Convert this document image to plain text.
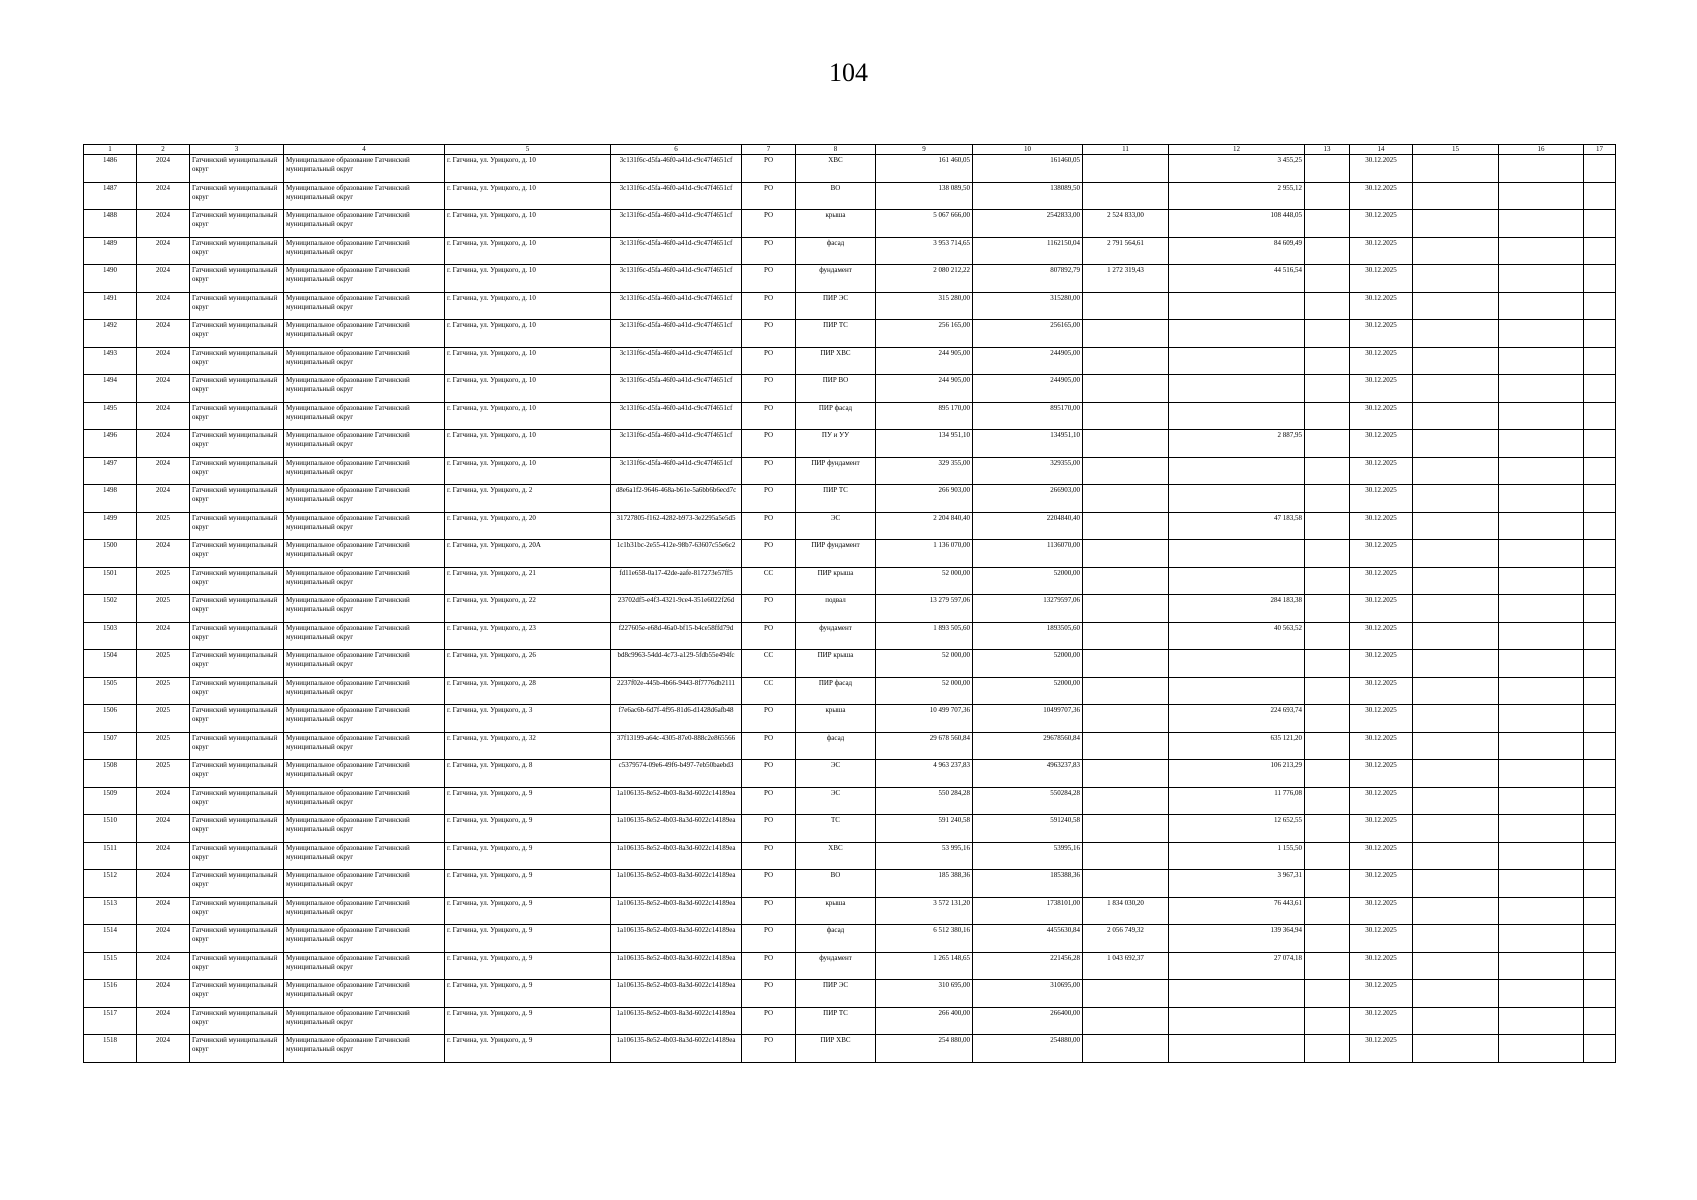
104
1	2	3	4	5	6	7	8	9	10	11	12	13	14	15	16	17
1486	2024	Гатчинский муниципальный округ	Муниципальное образование Гатчинский муниципальный округ	г. Гатчина, ул. Урицкого, д. 10	3c131f6c-d5fa-46f0-a41d-c9c47f4651cf	РО	ХВС	161 460,05	161460,05		3 455,25		30.12.2025			
1487	2024	Гатчинский муниципальный округ	Муниципальное образование Гатчинский муниципальный округ	г. Гатчина, ул. Урицкого, д. 10	3c131f6c-d5fa-46f0-a41d-c9c47f4651cf	РО	ВО	138 089,50	138089,50		2 955,12		30.12.2025			
1488	2024	Гатчинский муниципальный округ	Муниципальное образование Гатчинский муниципальный округ	г. Гатчина, ул. Урицкого, д. 10	3c131f6c-d5fa-46f0-a41d-c9c47f4651cf	РО	крыша	5 067 666,00	2542833,00	2 524 833,00	108 448,05		30.12.2025			
1489	2024	Гатчинский муниципальный округ	Муниципальное образование Гатчинский муниципальный округ	г. Гатчина, ул. Урицкого, д. 10	3c131f6c-d5fa-46f0-a41d-c9c47f4651cf	РО	фасад	3 953 714,65	1162150,04	2 791 564,61	84 609,49		30.12.2025			
1490	2024	Гатчинский муниципальный округ	Муниципальное образование Гатчинский муниципальный округ	г. Гатчина, ул. Урицкого, д. 10	3c131f6c-d5fa-46f0-a41d-c9c47f4651cf	РО	фундамент	2 080 212,22	807892,79	1 272 319,43	44 516,54		30.12.2025			
1491	2024	Гатчинский муниципальный округ	Муниципальное образование Гатчинский муниципальный округ	г. Гатчина, ул. Урицкого, д. 10	3c131f6c-d5fa-46f0-a41d-c9c47f4651cf	РО	ПИР ЭС	315 280,00	315280,00				30.12.2025			
1492	2024	Гатчинский муниципальный округ	Муниципальное образование Гатчинский муниципальный округ	г. Гатчина, ул. Урицкого, д. 10	3c131f6c-d5fa-46f0-a41d-c9c47f4651cf	РО	ПИР ТС	256 165,00	256165,00				30.12.2025			
1493	2024	Гатчинский муниципальный округ	Муниципальное образование Гатчинский муниципальный округ	г. Гатчина, ул. Урицкого, д. 10	3c131f6c-d5fa-46f0-a41d-c9c47f4651cf	РО	ПИР ХВС	244 905,00	244905,00				30.12.2025			
1494	2024	Гатчинский муниципальный округ	Муниципальное образование Гатчинский муниципальный округ	г. Гатчина, ул. Урицкого, д. 10	3c131f6c-d5fa-46f0-a41d-c9c47f4651cf	РО	ПИР ВО	244 905,00	244905,00				30.12.2025			
1495	2024	Гатчинский муниципальный округ	Муниципальное образование Гатчинский муниципальный округ	г. Гатчина, ул. Урицкого, д. 10	3c131f6c-d5fa-46f0-a41d-c9c47f4651cf	РО	ПИР фасад	895 170,00	895170,00				30.12.2025			
1496	2024	Гатчинский муниципальный округ	Муниципальное образование Гатчинский муниципальный округ	г. Гатчина, ул. Урицкого, д. 10	3c131f6c-d5fa-46f0-a41d-c9c47f4651cf	РО	ПУ и УУ	134 951,10	134951,10		2 887,95		30.12.2025			
1497	2024	Гатчинский муниципальный округ	Муниципальное образование Гатчинский муниципальный округ	г. Гатчина, ул. Урицкого, д. 10	3c131f6c-d5fa-46f0-a41d-c9c47f4651cf	РО	ПИР фундамент	329 355,00	329355,00				30.12.2025			
1498	2024	Гатчинский муниципальный округ	Муниципальное образование Гатчинский муниципальный округ	г. Гатчина, ул. Урицкого, д. 2	d8e6a1f2-9646-468a-b61e-5a6bb6b6ecd7c	РО	ПИР ТС	266 903,00	266903,00				30.12.2025			
1499	2025	Гатчинский муниципальный округ	Муниципальное образование Гатчинский муниципальный округ	г. Гатчина, ул. Урицкого, д. 20	31727805-f162-4282-b973-3e2295a5e5d5	РО	ЭС	2 204 840,40	2204840,40		47 183,58		30.12.2025			
1500	2024	Гатчинский муниципальный округ	Муниципальное образование Гатчинский муниципальный округ	г. Гатчина, ул. Урицкого, д. 20А	1c1b31bc-2e55-412e-98b7-63607c55e6c2	РО	ПИР фундамент	1 136 070,00	1136070,00				30.12.2025			
1501	2025	Гатчинский муниципальный округ	Муниципальное образование Гатчинский муниципальный округ	г. Гатчина, ул. Урицкого, д. 21	fd11e658-0a17-42de-aafe-817273e57ff5	СС	ПИР крыша	52 000,00	52000,00				30.12.2025			
1502	2025	Гатчинский муниципальный округ	Муниципальное образование Гатчинский муниципальный округ	г. Гатчина, ул. Урицкого, д. 22	23702df5-e4f3-4321-9ce4-351e6022f26d	РО	подвал	13 279 597,06	13279597,06		284 183,38		30.12.2025			
1503	2024	Гатчинский муниципальный округ	Муниципальное образование Гатчинский муниципальный округ	г. Гатчина, ул. Урицкого, д. 23	f227605e-e68d-46a0-bf15-b4ce58ffd79d	РО	фундамент	1 893 505,60	1893505,60		40 563,52		30.12.2025			
1504	2025	Гатчинский муниципальный округ	Муниципальное образование Гатчинский муниципальный округ	г. Гатчина, ул. Урицкого, д. 26	bd8c9963-54dd-4c73-a129-5fdb55e494fc	СС	ПИР крыша	52 000,00	52000,00				30.12.2025			
1505	2025	Гатчинский муниципальный округ	Муниципальное образование Гатчинский муниципальный округ	г. Гатчина, ул. Урицкого, д. 28	2237f02e-445b-4b66-9443-8f7776db2111	СС	ПИР фасад	52 000,00	52000,00				30.12.2025			
1506	2025	Гатчинский муниципальный округ	Муниципальное образование Гатчинский муниципальный округ	г. Гатчина, ул. Урицкого, д. 3	f7e6ac6b-6d7f-4f95-81d6-d1428d6afb48	РО	крыша	10 499 707,36	10499707,36		224 693,74		30.12.2025			
1507	2025	Гатчинский муниципальный округ	Муниципальное образование Гатчинский муниципальный округ	г. Гатчина, ул. Урицкого, д. 32	37f13199-a64c-4305-87e0-888c2e865566	РО	фасад	29 678 560,84	29678560,84		635 121,20		30.12.2025			
1508	2025	Гатчинский муниципальный округ	Муниципальное образование Гатчинский муниципальный округ	г. Гатчина, ул. Урицкого, д. 8	c5379574-09e6-49f6-b497-7eb50baebd3	РО	ЭС	4 963 237,83	4963237,83		106 213,29		30.12.2025			
1509	2024	Гатчинский муниципальный округ	Муниципальное образование Гатчинский муниципальный округ	г. Гатчина, ул. Урицкого, д. 9	1a106135-8e52-4b03-8a3d-6022c14189ea	РО	ЭС	550 284,28	550284,28		11 776,08		30.12.2025			
1510	2024	Гатчинский муниципальный округ	Муниципальное образование Гатчинский муниципальный округ	г. Гатчина, ул. Урицкого, д. 9	1a106135-8e52-4b03-8a3d-6022c14189ea	РО	ТС	591 240,58	591240,58		12 652,55		30.12.2025			
1511	2024	Гатчинский муниципальный округ	Муниципальное образование Гатчинский муниципальный округ	г. Гатчина, ул. Урицкого, д. 9	1a106135-8e52-4b03-8a3d-6022c14189ea	РО	ХВС	53 995,16	53995,16		1 155,50		30.12.2025			
1512	2024	Гатчинский муниципальный округ	Муниципальное образование Гатчинский муниципальный округ	г. Гатчина, ул. Урицкого, д. 9	1a106135-8e52-4b03-8a3d-6022c14189ea	РО	ВО	185 388,36	185388,36		3 967,31		30.12.2025			
1513	2024	Гатчинский муниципальный округ	Муниципальное образование Гатчинский муниципальный округ	г. Гатчина, ул. Урицкого, д. 9	1a106135-8e52-4b03-8a3d-6022c14189ea	РО	крыша	3 572 131,20	1738101,00	1 834 030,20	76 443,61		30.12.2025			
1514	2024	Гатчинский муниципальный округ	Муниципальное образование Гатчинский муниципальный округ	г. Гатчина, ул. Урицкого, д. 9	1a106135-8e52-4b03-8a3d-6022c14189ea	РО	фасад	6 512 380,16	4455630,84	2 056 749,32	139 364,94		30.12.2025			
1515	2024	Гатчинский муниципальный округ	Муниципальное образование Гатчинский муниципальный округ	г. Гатчина, ул. Урицкого, д. 9	1a106135-8e52-4b03-8a3d-6022c14189ea	РО	фундамент	1 265 148,65	221456,28	1 043 692,37	27 074,18		30.12.2025			
1516	2024	Гатчинский муниципальный округ	Муниципальное образование Гатчинский муниципальный округ	г. Гатчина, ул. Урицкого, д. 9	1a106135-8e52-4b03-8a3d-6022c14189ea	РО	ПИР ЭС	310 695,00	310695,00				30.12.2025			
1517	2024	Гатчинский муниципальный округ	Муниципальное образование Гатчинский муниципальный округ	г. Гатчина, ул. Урицкого, д. 9	1a106135-8e52-4b03-8a3d-6022c14189ea	РО	ПИР ТС	266 400,00	266400,00				30.12.2025			
1518	2024	Гатчинский муниципальный округ	Муниципальное образование Гатчинский муниципальный округ	г. Гатчина, ул. Урицкого, д. 9	1a106135-8e52-4b03-8a3d-6022c14189ea	РО	ПИР ХВС	254 880,00	254880,00				30.12.2025			
